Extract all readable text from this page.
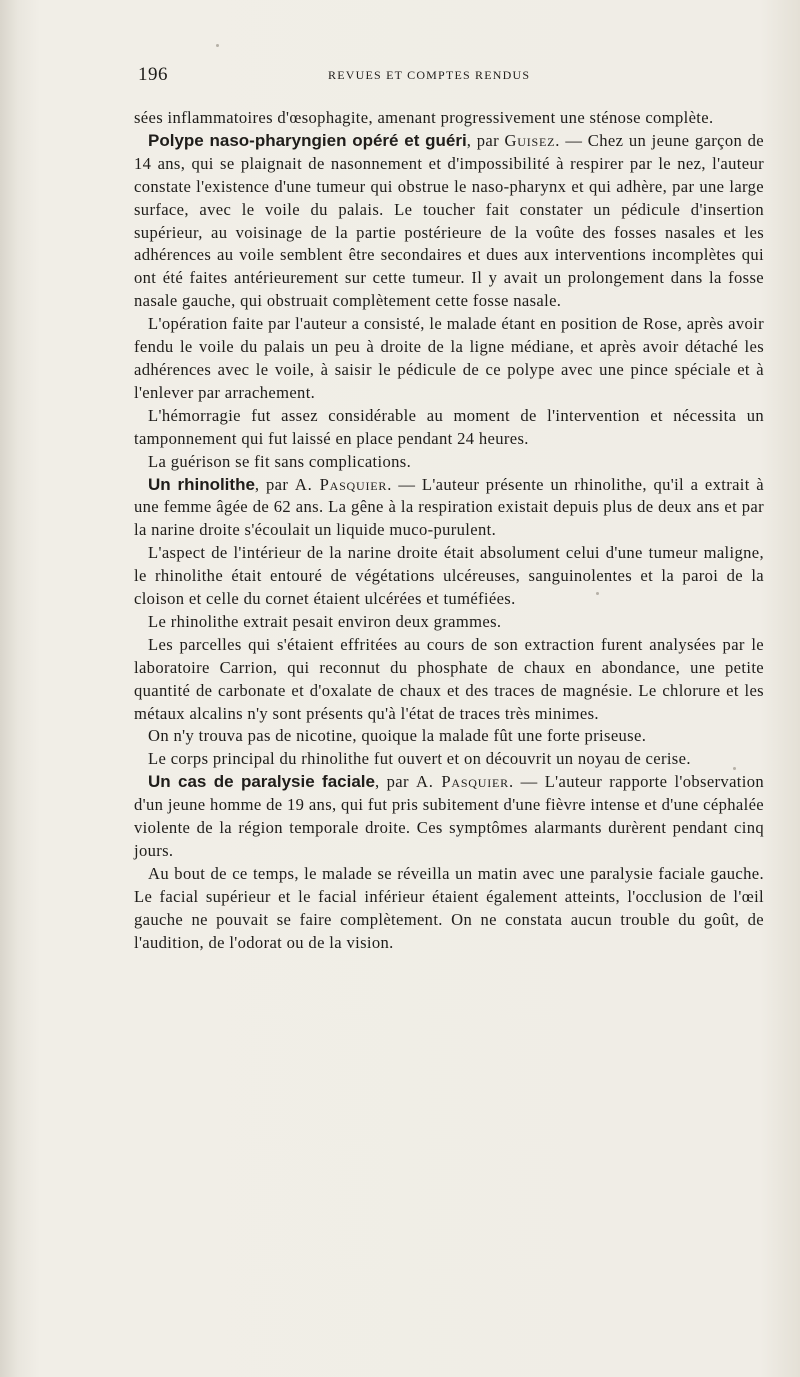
196	REVUES ET COMPTES RENDUS

sées inflammatoires d'œsophagite, amenant progressivement une sténose complète.

Polype naso-pharyngien opéré et guéri, par Guisez. — Chez un jeune garçon de 14 ans, qui se plaignait de nasonnement et d'impossibilité à respirer par le nez, l'auteur constate l'existence d'une tumeur qui obstrue le naso-pharynx et qui adhère, par une large surface, avec le voile du palais. Le toucher fait constater un pédicule d'insertion supérieur, au voisinage de la partie postérieure de la voûte des fosses nasales et les adhérences au voile semblent être secondaires et dues aux interventions incomplètes qui ont été faites antérieurement sur cette tumeur. Il y avait un prolongement dans la fosse nasale gauche, qui obstruait complètement cette fosse nasale.

L'opération faite par l'auteur a consisté, le malade étant en position de Rose, après avoir fendu le voile du palais un peu à droite de la ligne médiane, et après avoir détaché les adhérences avec le voile, à saisir le pédicule de ce polype avec une pince spéciale et à l'enlever par arrachement.

L'hémorragie fut assez considérable au moment de l'intervention et nécessita un tamponnement qui fut laissé en place pendant 24 heures.

La guérison se fit sans complications.

Un rhinolithe, par A. Pasquier. — L'auteur présente un rhinolithe, qu'il a extrait à une femme âgée de 62 ans. La gêne à la respiration existait depuis plus de deux ans et par la narine droite s'écoulait un liquide muco-purulent.

L'aspect de l'intérieur de la narine droite était absolument celui d'une tumeur maligne, le rhinolithe était entouré de végétations ulcéreuses, sanguinolentes et la paroi de la cloison et celle du cornet étaient ulcérées et tuméfiées.

Le rhinolithe extrait pesait environ deux grammes.

Les parcelles qui s'étaient effritées au cours de son extraction furent analysées par le laboratoire Carrion, qui reconnut du phosphate de chaux en abondance, une petite quantité de carbonate et d'oxalate de chaux et des traces de magnésie. Le chlorure et les métaux alcalins n'y sont présents qu'à l'état de traces très minimes.

On n'y trouva pas de nicotine, quoique la malade fût une forte priseuse.

Le corps principal du rhinolithe fut ouvert et on découvrit un noyau de cerise.

Un cas de paralysie faciale, par A. Pasquier. — L'auteur rapporte l'observation d'un jeune homme de 19 ans, qui fut pris subitement d'une fièvre intense et d'une céphalée violente de la région temporale droite. Ces symptômes alarmants durèrent pendant cinq jours.

Au bout de ce temps, le malade se réveilla un matin avec une paralysie faciale gauche. Le facial supérieur et le facial inférieur étaient également atteints, l'occlusion de l'œil gauche ne pouvait se faire complètement. On ne constata aucun trouble du goût, de l'audition, de l'odorat ou de la vision.
